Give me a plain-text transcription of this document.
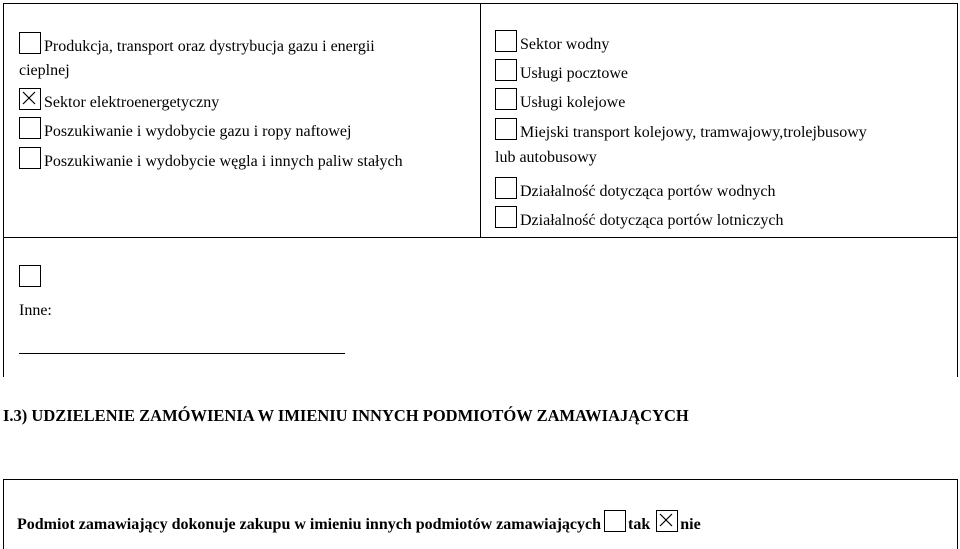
Produkcja, transport oraz dystrybucja gazu i energii
cieplnej
Sektor elektroenergetyczny
Poszukiwanie i wydobycie gazu i ropy naftowej
Poszukiwanie i wydobycie węgla i innych paliw stałych
Sektor wodny
Usługi pocztowe
Usługi kolejowe
Miejski transport kolejowy, tramwajowy,trolejbusowy
lub autobusowy
Działalność dotycząca portów wodnych
Działalność dotycząca portów lotniczych
Inne:
I.3) UDZIELENIE ZAMÓWIENIA W IMIENIU INNYCH PODMIOTÓW ZAMAWIAJĄCYCH
Podmiot zamawiający dokonuje zakupu w imieniu innych podmiotów zamawiających tak nie
